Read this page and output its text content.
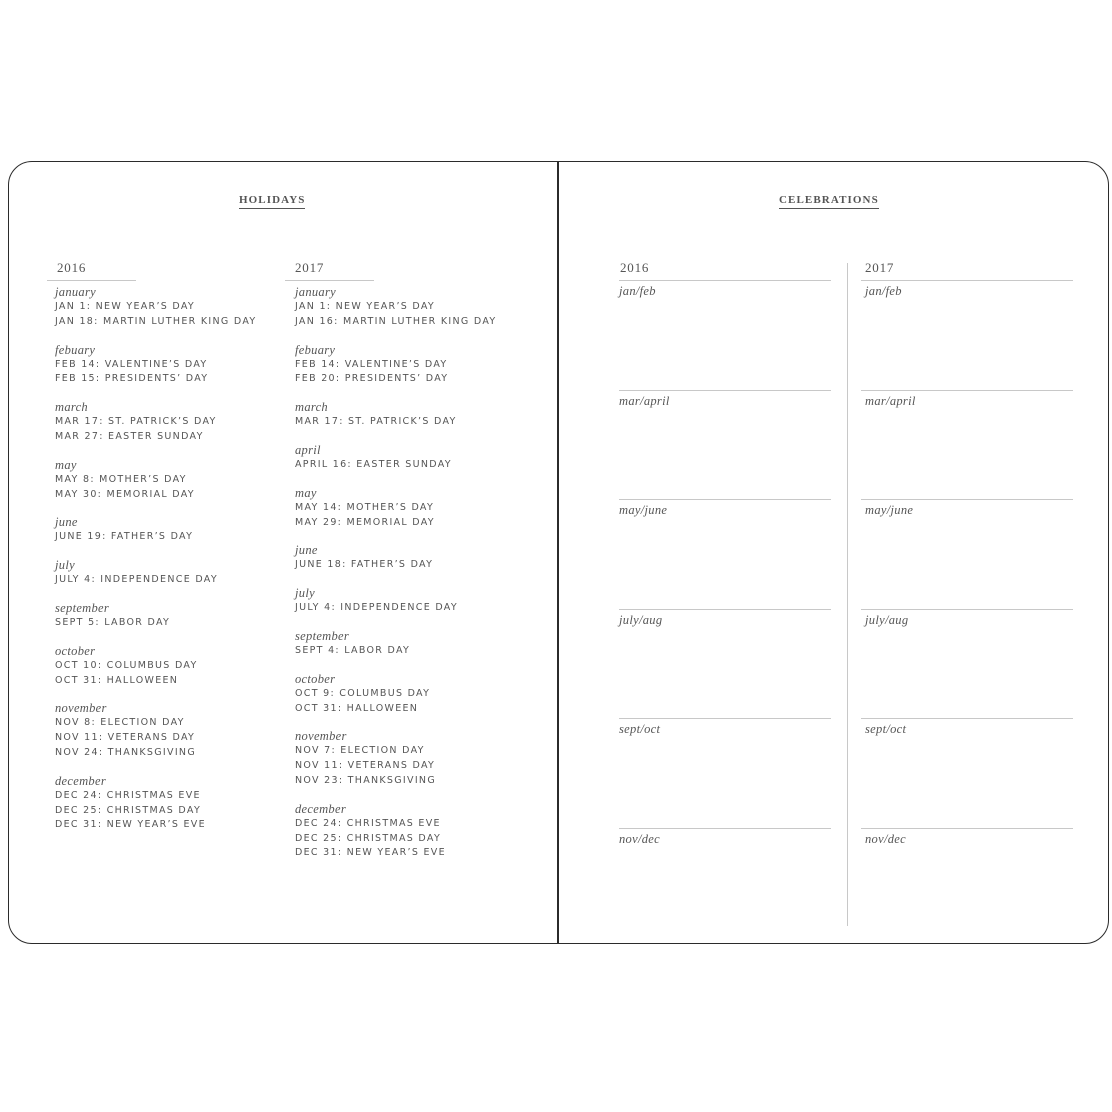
HOLIDAYS
2016	2017
january
JAN 1: NEW YEAR’S DAY
JAN 18: MARTIN LUTHER KING DAY
febuary
FEB 14: VALENTINE’S DAY
FEB 15: PRESIDENTS’ DAY
march
MAR 17: ST. PATRICK’S DAY
MAR 27: EASTER SUNDAY
may
MAY 8: MOTHER’S DAY
MAY 30: MEMORIAL DAY
june
JUNE 19: FATHER’S DAY
july
JULY 4: INDEPENDENCE DAY
september
SEPT 5: LABOR DAY
october
OCT 10: COLUMBUS DAY
OCT 31: HALLOWEEN
november
NOV 8: ELECTION DAY
NOV 11: VETERANS DAY
NOV 24: THANKSGIVING
december
DEC 24: CHRISTMAS EVE
DEC 25: CHRISTMAS DAY
DEC 31: NEW YEAR’S EVE
january
JAN 1: NEW YEAR’S DAY
JAN 16: MARTIN LUTHER KING DAY
febuary
FEB 14: VALENTINE’S DAY
FEB 20: PRESIDENTS’ DAY
march
MAR 17: ST. PATRICK’S DAY
april
APRIL 16: EASTER SUNDAY
may
MAY 14: MOTHER’S DAY
MAY 29: MEMORIAL DAY
june
JUNE 18: FATHER’S DAY
july
JULY 4: INDEPENDENCE DAY
september
SEPT 4: LABOR DAY
october
OCT 9: COLUMBUS DAY
OCT 31: HALLOWEEN
november
NOV 7: ELECTION DAY
NOV 11: VETERANS DAY
NOV 23: THANKSGIVING
december
DEC 24: CHRISTMAS EVE
DEC 25: CHRISTMAS DAY
DEC 31: NEW YEAR’S EVE
CELEBRATIONS
2016	2017
jan/feb	jan/feb
mar/april	mar/april
may/june	may/june
july/aug	july/aug
sept/oct	sept/oct
nov/dec	nov/dec
